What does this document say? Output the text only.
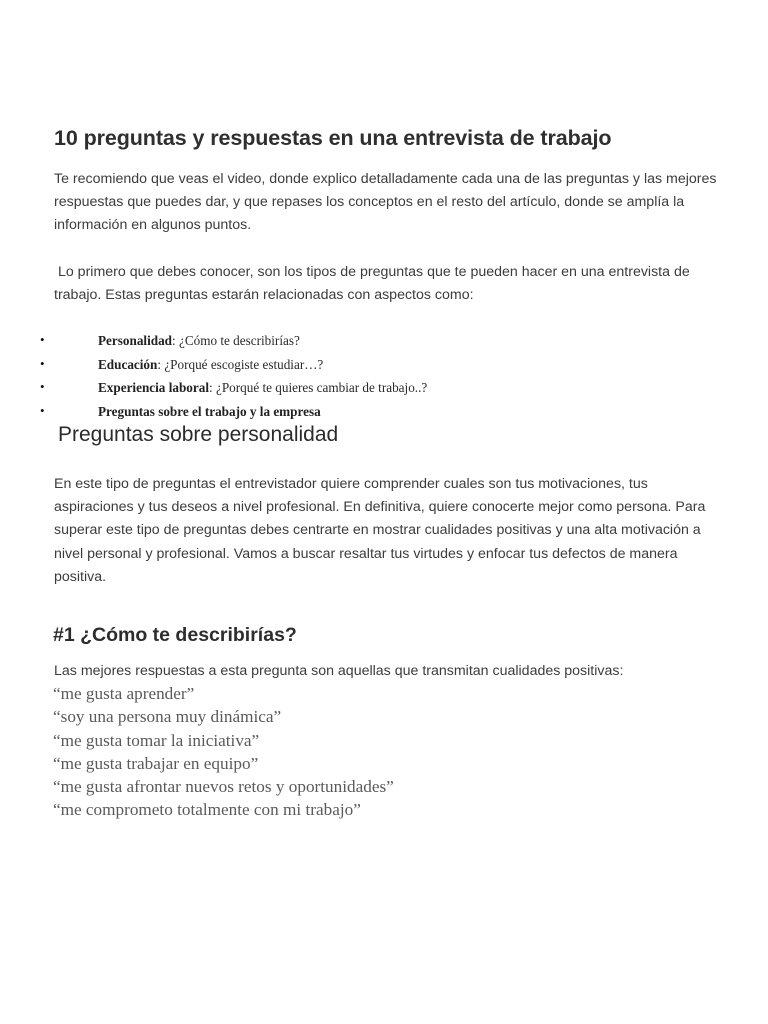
10 preguntas y respuestas en una entrevista de trabajo

Te recomiendo que veas el video, donde explico detalladamente cada una de las preguntas y las mejores respuestas que puedes dar, y que repases los conceptos en el resto del artículo, donde se amplía la información en algunos puntos.

Lo primero que debes conocer, son los tipos de preguntas que te pueden hacer en una entrevista de trabajo. Estas preguntas estarán relacionadas con aspectos como:

•	Personalidad: ¿Cómo te describirías?
•	Educación: ¿Porqué escogiste estudiar…?
•	Experiencia laboral: ¿Porqué te quieres cambiar de trabajo..?
•	Preguntas sobre el trabajo y la empresa
Preguntas sobre personalidad

En este tipo de preguntas el entrevistador quiere comprender cuales son tus motivaciones, tus aspiraciones y tus deseos a nivel profesional. En definitiva, quiere conocerte mejor como persona. Para superar este tipo de preguntas debes centrarte en mostrar cualidades positivas y una alta motivación a nivel personal y profesional. Vamos a buscar resaltar tus virtudes y enfocar tus defectos de manera positiva.

#1 ¿Cómo te describirías?

Las mejores respuestas a esta pregunta son aquellas que transmitan cualidades positivas:

“me gusta aprender”
“soy una persona muy dinámica”
“me gusta tomar la iniciativa”
“me gusta trabajar en equipo”
“me gusta afrontar nuevos retos y oportunidades”
“me comprometo totalmente con mi trabajo”
